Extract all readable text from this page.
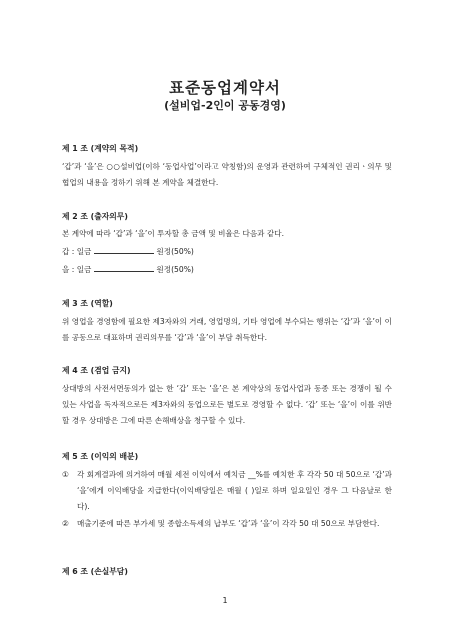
표준동업계약서
(설비업-2인이 공동경영)
제 1 조 (계약의 목적)
‘갑’과 ‘을’은 ○○설비업(이하 ‘동업사업’이라고 약칭함)의 운영과 관련하여 구체적인 권리ㆍ의무 및 협업의 내용을 정하기 위해 본 계약을 체결한다.
제 2 조 (출자의무)
본 계약에 따라 ‘갑’과 ‘을’이 투자할 총 금액 및 비율은 다음과 같다.
갑 : 일금	원정(50%)
을 : 일금	원정(50%)
제 3 조 (역할)
위 영업을 경영함에 필요한 제3자와의 거래, 영업명의, 기타 영업에 부수되는 행위는 ‘갑’과 ‘을’이 이를 공동으로 대표하며 권리의무를 ‘갑’과 ‘을’이 부담 취득한다.
제 4 조 (겸업 금지)
상대방의 사전서면동의가 없는 한 ‘갑’ 또는 ‘을’은 본 계약상의 동업사업과 동종 또는 경쟁이 될 수 있는 사업을 독자적으로든 제3자와의 동업으로든 별도로 경영할 수 없다. ‘갑’ 또는 ‘을’이 이를 위반할 경우 상대방은 그에 따른 손해배상을 청구할 수 있다.
제 5 조 (이익의 배분)
① 각 회계결과에 의거하여 매월 세전 이익에서 예치금 __%를 예치한 후 각각 50 대 50으로 ‘갑’과 ‘을’에게 이익배당을 지급한다(이익배당일은 매월 ( )일로 하며 일요일인 경우 그 다음날로 한다).
② 매출기준에 따른 부가세 및 종합소득세의 납부도 ‘갑’과 ‘을’이 각각 50 대 50으로 부담한다.
제 6 조 (손실부담)
1
